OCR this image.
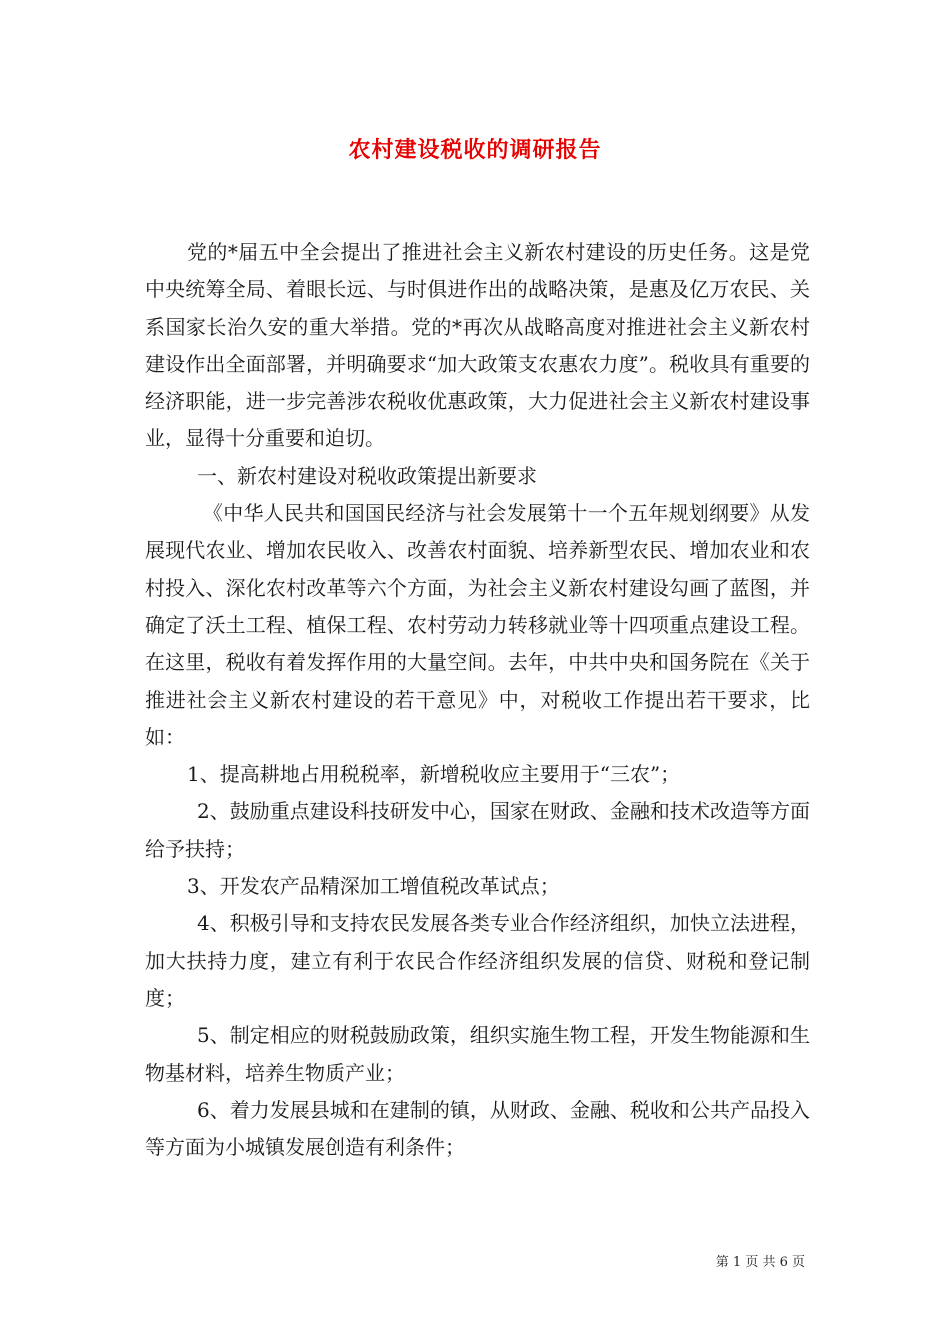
农村建设税收的调研报告

党的*届五中全会提出了推进社会主义新农村建设的历史任务。这是党中央统筹全局、着眼长远、与时俱进作出的战略决策，是惠及亿万农民、关系国家长治久安的重大举措。党的*再次从战略高度对推进社会主义新农村建设作出全面部署，并明确要求“加大政策支农惠农力度”。税收具有重要的经济职能，进一步完善涉农税收优惠政策，大力促进社会主义新农村建设事业，显得十分重要和迫切。

一、新农村建设对税收政策提出新要求

《中华人民共和国国民经济与社会发展第十一个五年规划纲要》从发展现代农业、增加农民收入、改善农村面貌、培养新型农民、增加农业和农村投入、深化农村改革等六个方面，为社会主义新农村建设勾画了蓝图，并确定了沃土工程、植保工程、农村劳动力转移就业等十四项重点建设工程。在这里，税收有着发挥作用的大量空间。去年，中共中央和国务院在《关于推进社会主义新农村建设的若干意见》中，对税收工作提出若干要求，比如：

1、提高耕地占用税税率，新增税收应主要用于“三农”；

2、鼓励重点建设科技研发中心，国家在财政、金融和技术改造等方面给予扶持；

3、开发农产品精深加工增值税改革试点；

4、积极引导和支持农民发展各类专业合作经济组织，加快立法进程，加大扶持力度，建立有利于农民合作经济组织发展的信贷、财税和登记制度；

5、制定相应的财税鼓励政策，组织实施生物工程，开发生物能源和生物基材料，培养生物质产业；

6、着力发展县城和在建制的镇，从财政、金融、税收和公共产品投入等方面为小城镇发展创造有利条件；

第 1 页 共 6 页
